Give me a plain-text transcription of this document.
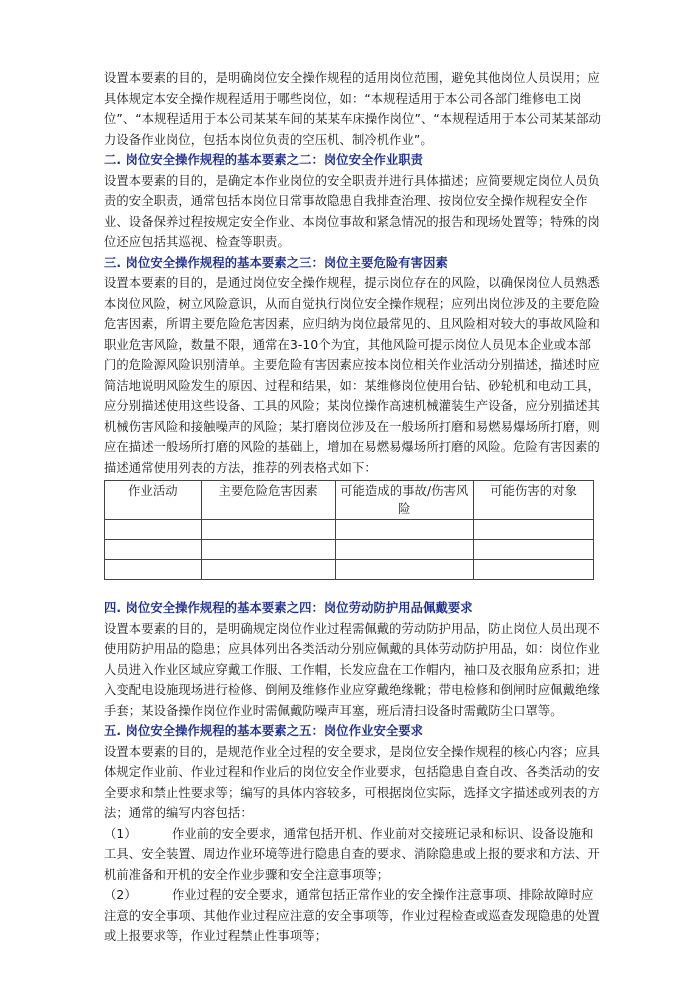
设置本要素的目的，是明确岗位安全操作规程的适用岗位范围，避免其他岗位人员误用；应具体规定本安全操作规程适用于哪些岗位，如：“本规程适用于本公司各部门维修电工岗位”、“本规程适用于本公司某某车间的某某车床操作岗位”、“本规程适用于本公司某某部动力设备作业岗位，包括本岗位负责的空压机、制冷机作业”。

二. 岗位安全操作规程的基本要素之二：岗位安全作业职责

设置本要素的目的，是确定本作业岗位的安全职责并进行具体描述；应简要规定岗位人员负责的安全职责，通常包括本岗位日常事故隐患自我排查治理、按岗位安全操作规程安全作业、设备保养过程按规定安全作业、本岗位事故和紧急情况的报告和现场处置等；特殊的岗位还应包括其巡视、检查等职责。

三. 岗位安全操作规程的基本要素之三：岗位主要危险有害因素

设置本要素的目的，是通过岗位安全操作规程，提示岗位存在的风险，以确保岗位人员熟悉本岗位风险，树立风险意识，从而自觉执行岗位安全操作规程；应列出岗位涉及的主要危险危害因素，所谓主要危险危害因素，应归纳为岗位最常见的、且风险相对较大的事故风险和职业危害风险，数量不限，通常在3-10个为宜，其他风险可提示岗位人员见本企业或本部门的危险源风险识别清单。主要危险有害因素应按本岗位相关作业活动分别描述，描述时应简洁地说明风险发生的原因、过程和结果，如：某维修岗位使用台钻、砂轮机和电动工具，应分别描述使用这些设备、工具的风险；某岗位操作高速机械灌装生产设备，应分别描述其机械伤害风险和接触噪声的风险；某打磨岗位涉及在一般场所打磨和易燃易爆场所打磨，则应在描述一般场所打磨的风险的基础上，增加在易燃易爆场所打磨的风险。危险有害因素的描述通常使用列表的方法，推荐的列表格式如下：

作业活动	主要危险危害因素	可能造成的事故/伤害风险	可能伤害的对象

四. 岗位安全操作规程的基本要素之四：岗位劳动防护用品佩戴要求

设置本要素的目的，是明确规定岗位作业过程需佩戴的劳动防护用品，防止岗位人员出现不使用防护用品的隐患；应具体列出各类活动分别应佩戴的具体劳动防护用品，如：岗位作业人员进入作业区域应穿戴工作服、工作帽，长发应盘在工作帽内，袖口及衣服角应系扣；进入变配电设施现场进行检修、倒闸及维修作业应穿戴绝缘靴；带电检修和倒闸时应佩戴绝缘手套；某设备操作岗位作业时需佩戴防噪声耳塞，班后清扫设备时需戴防尘口罩等。

五. 岗位安全操作规程的基本要素之五：岗位作业安全要求

设置本要素的目的，是规范作业全过程的安全要求，是岗位安全操作规程的核心内容；应具体规定作业前、作业过程和作业后的岗位安全作业要求，包括隐患自查自改、各类活动的安全要求和禁止性要求等；编写的具体内容较多，可根据岗位实际，选择文字描述或列表的方法；通常的编写内容包括：

（1）	作业前的安全要求，通常包括开机、作业前对交接班记录和标识、设备设施和工具、安全装置、周边作业环境等进行隐患自查的要求、消除隐患或上报的要求和方法、开机前准备和开机的安全作业步骤和安全注意事项等；

（2）	作业过程的安全要求，通常包括正常作业的安全操作注意事项、排除故障时应注意的安全事项、其他作业过程应注意的安全事项等，作业过程检查或巡查发现隐患的处置或上报要求等，作业过程禁止性事项等；
